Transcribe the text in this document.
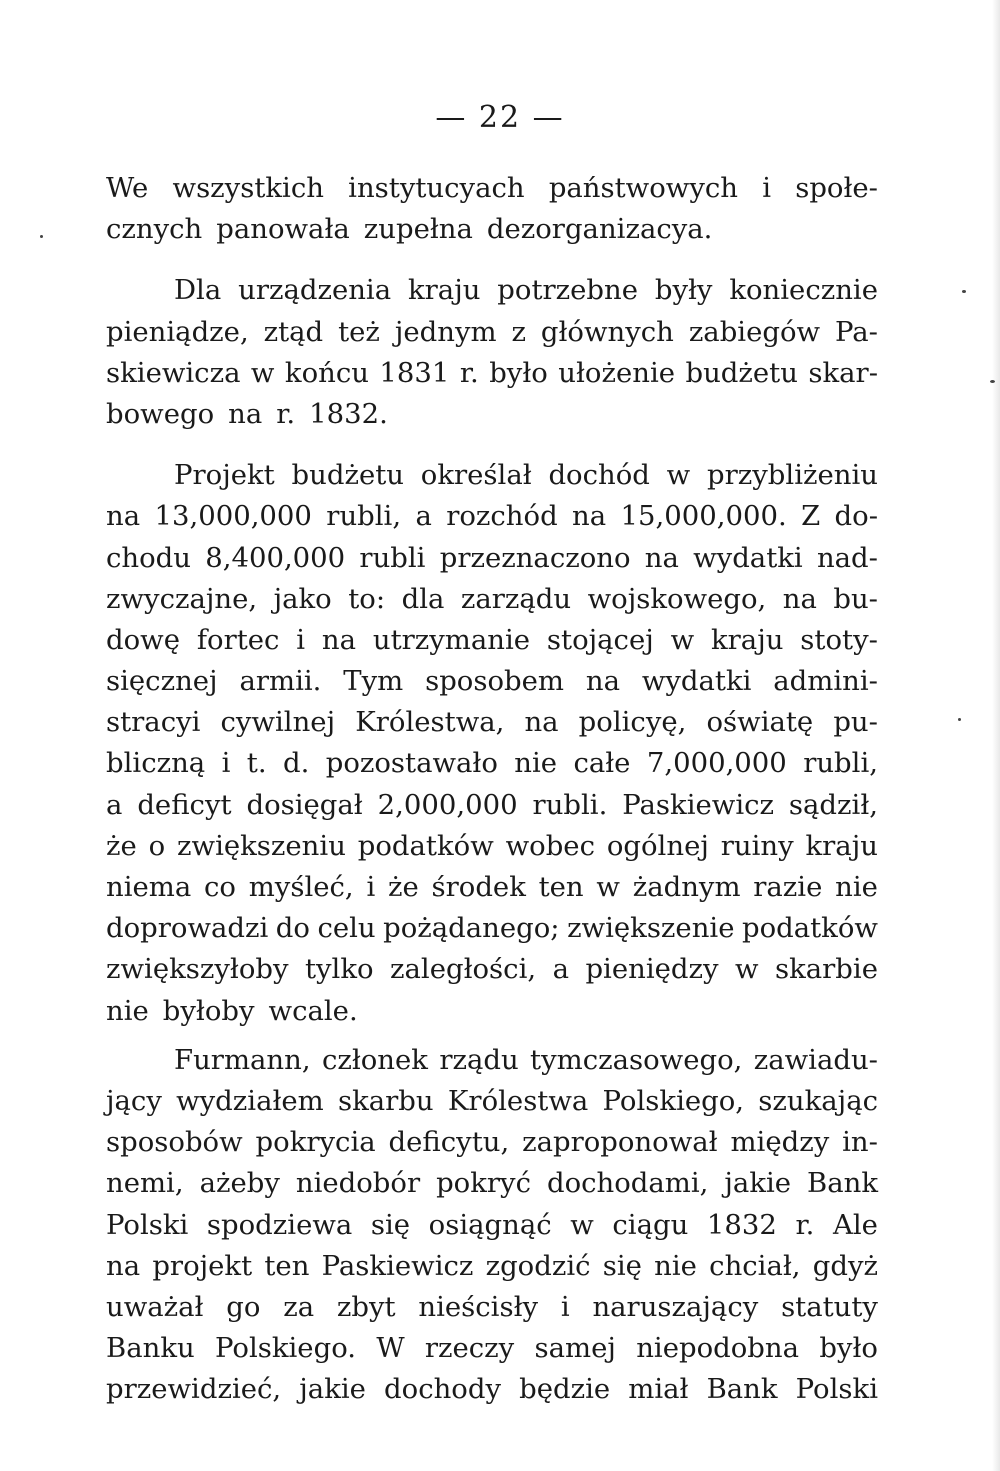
— 22 —
We wszystkich instytucyach państwowych i społe-
cznych panowała zupełna dezorganizacya.
Dla urządzenia kraju potrzebne były koniecznie
pieniądze, ztąd też jednym z głównych zabiegów Pa-
skiewicza w końcu 1831 r. było ułożenie budżetu skar-
bowego na r. 1832.
Projekt budżetu określał dochód w przybliżeniu
na 13,000,000 rubli, a rozchód na 15,000,000. Z do-
chodu 8,400,000 rubli przeznaczono na wydatki nad-
zwyczajne, jako to: dla zarządu wojskowego, na bu-
dowę fortec i na utrzymanie stojącej w kraju stoty-
sięcznej armii. Tym sposobem na wydatki admini-
stracyi cywilnej Królestwa, na policyę, oświatę pu-
bliczną i t. d. pozostawało nie całe 7,000,000 rubli,
a deficyt dosięgał 2,000,000 rubli. Paskiewicz sądził,
że o zwiększeniu podatków wobec ogólnej ruiny kraju
niema co myśleć, i że środek ten w żadnym razie nie
doprowadzi do celu pożądanego; zwiększenie podatków
zwiększyłoby tylko zaległości, a pieniędzy w skarbie
nie byłoby wcale.
Furmann, członek rządu tymczasowego, zawiadu-
jący wydziałem skarbu Królestwa Polskiego, szukając
sposobów pokrycia deficytu, zaproponował między in-
nemi, ażeby niedobór pokryć dochodami, jakie Bank
Polski spodziewa się osiągnąć w ciągu 1832 r. Ale
na projekt ten Paskiewicz zgodzić się nie chciał, gdyż
uważał go za zbyt nieścisły i naruszający statuty
Banku Polskiego. W rzeczy samej niepodobna było
przewidzieć, jakie dochody będzie miał Bank Polski
